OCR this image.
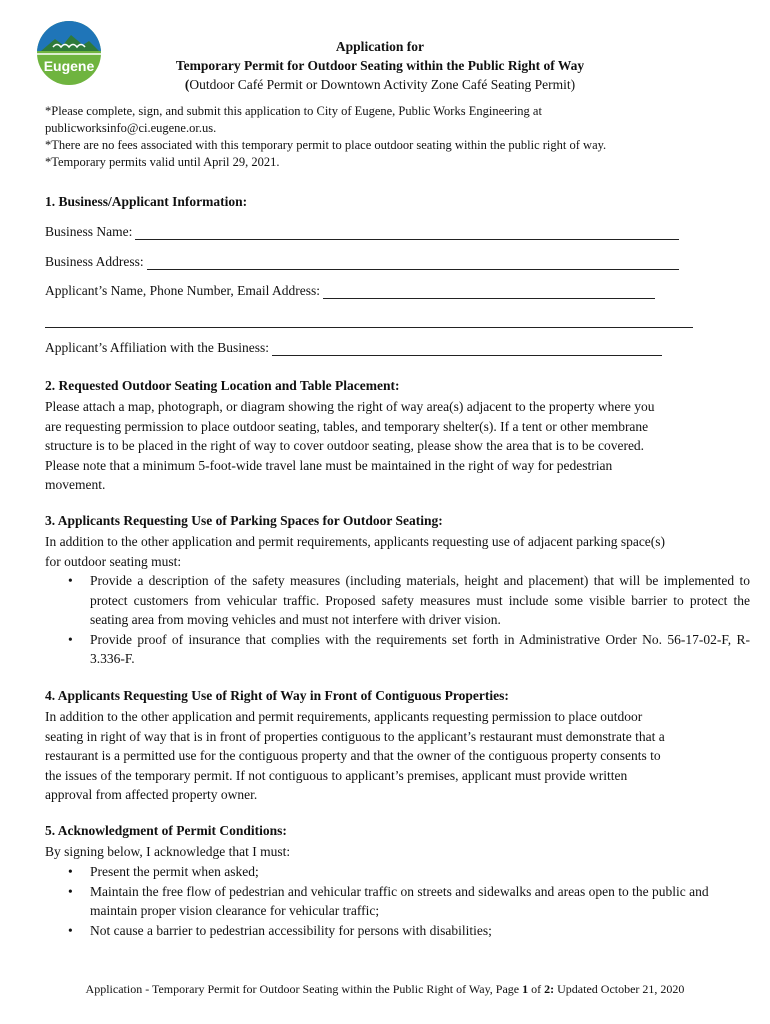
Eugene
Application for
Temporary Permit for Outdoor Seating within the Public Right of Way
(Outdoor Café Permit or Downtown Activity Zone Café Seating Permit)
*Please complete, sign, and submit this application to City of Eugene, Public Works Engineering at
publicworksinfo@ci.eugene.or.us.
*There are no fees associated with this temporary permit to place outdoor seating within the public right of way.
*Temporary permits valid until April 29, 2021.
1. Business/Applicant Information:
Business Name:
Business Address:
Applicant’s Name, Phone Number, Email Address:
Applicant’s Affiliation with the Business:
2. Requested Outdoor Seating Location and Table Placement:
Please attach a map, photograph, or diagram showing the right of way area(s) adjacent to the property where you
are requesting permission to place outdoor seating, tables, and temporary shelter(s). If a tent or other membrane
structure is to be placed in the right of way to cover outdoor seating, please show the area that is to be covered.
Please note that a minimum 5-foot-wide travel lane must be maintained in the right of way for pedestrian
movement.
3. Applicants Requesting Use of Parking Spaces for Outdoor Seating:
In addition to the other application and permit requirements, applicants requesting use of adjacent parking space(s)
for outdoor seating must:
• Provide a description of the safety measures (including materials, height and placement) that will be implemented to protect customers from vehicular traffic. Proposed safety measures must include some visible barrier to protect the seating area from moving vehicles and must not interfere with driver vision.
• Provide proof of insurance that complies with the requirements set forth in Administrative Order No. 56-17-02-F, R-3.336-F.
4. Applicants Requesting Use of Right of Way in Front of Contiguous Properties:
In addition to the other application and permit requirements, applicants requesting permission to place outdoor
seating in right of way that is in front of properties contiguous to the applicant’s restaurant must demonstrate that a
restaurant is a permitted use for the contiguous property and that the owner of the contiguous property consents to
the issues of the temporary permit. If not contiguous to applicant’s premises, applicant must provide written
approval from affected property owner.
5. Acknowledgment of Permit Conditions:
By signing below, I acknowledge that I must:
• Present the permit when asked;
• Maintain the free flow of pedestrian and vehicular traffic on streets and sidewalks and areas open to the public and maintain proper vision clearance for vehicular traffic;
• Not cause a barrier to pedestrian accessibility for persons with disabilities;
Application - Temporary Permit for Outdoor Seating within the Public Right of Way, Page 1 of 2: Updated October 21, 2020
